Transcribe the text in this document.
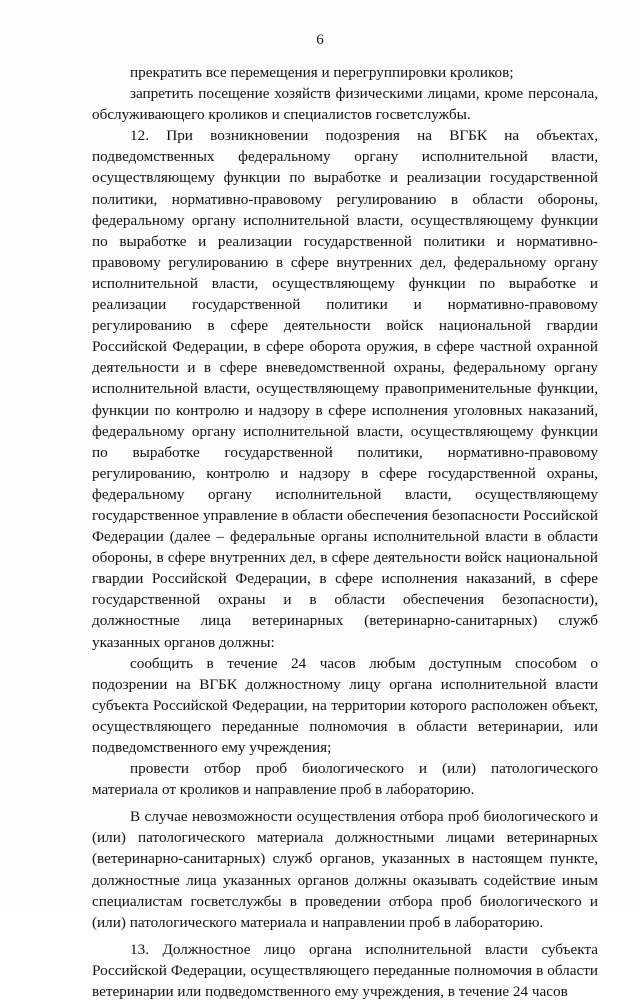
6

прекратить все перемещения и перегруппировки кроликов;

запретить посещение хозяйств физическими лицами, кроме персонала, обслуживающего кроликов и специалистов госветслужбы.

12. При возникновении подозрения на ВГБК на объектах, подведомственных федеральному органу исполнительной власти, осуществляющему функции по выработке и реализации государственной политики, нормативно-правовому регулированию в области обороны, федеральному органу исполнительной власти, осуществляющему функции по выработке и реализации государственной политики и нормативно-правовому регулированию в сфере внутренних дел, федеральному органу исполнительной власти, осуществляющему функции по выработке и реализации государственной политики и нормативно-правовому регулированию в сфере деятельности войск национальной гвардии Российской Федерации, в сфере оборота оружия, в сфере частной охранной деятельности и в сфере вневедомственной охраны, федеральному органу исполнительной власти, осуществляющему правоприменительные функции, функции по контролю и надзору в сфере исполнения уголовных наказаний, федеральному органу исполнительной власти, осуществляющему функции по выработке государственной политики, нормативно-правовому регулированию, контролю и надзору в сфере государственной охраны, федеральному органу исполнительной власти, осуществляющему государственное управление в области обеспечения безопасности Российской Федерации (далее – федеральные органы исполнительной власти в области обороны, в сфере внутренних дел, в сфере деятельности войск национальной гвардии Российской Федерации, в сфере исполнения наказаний, в сфере государственной охраны и в области обеспечения безопасности), должностные лица ветеринарных (ветеринарно-санитарных) служб указанных органов должны:

сообщить в течение 24 часов любым доступным способом о подозрении на ВГБК должностному лицу органа исполнительной власти субъекта Российской Федерации, на территории которого расположен объект, осуществляющего переданные полномочия в области ветеринарии, или подведомственного ему учреждения;

провести отбор проб биологического и (или) патологического материала от кроликов и направление проб в лабораторию.

В случае невозможности осуществления отбора проб биологического и (или) патологического материала должностными лицами ветеринарных (ветеринарно-санитарных) служб органов, указанных в настоящем пункте, должностные лица указанных органов должны оказывать содействие иным специалистам госветслужбы в проведении отбора проб биологического и (или) патологического материала и направлении проб в лабораторию.

13. Должностное лицо органа исполнительной власти субъекта Российской Федерации, осуществляющего переданные полномочия в области ветеринарии или подведомственного ему учреждения, в течение 24 часов
